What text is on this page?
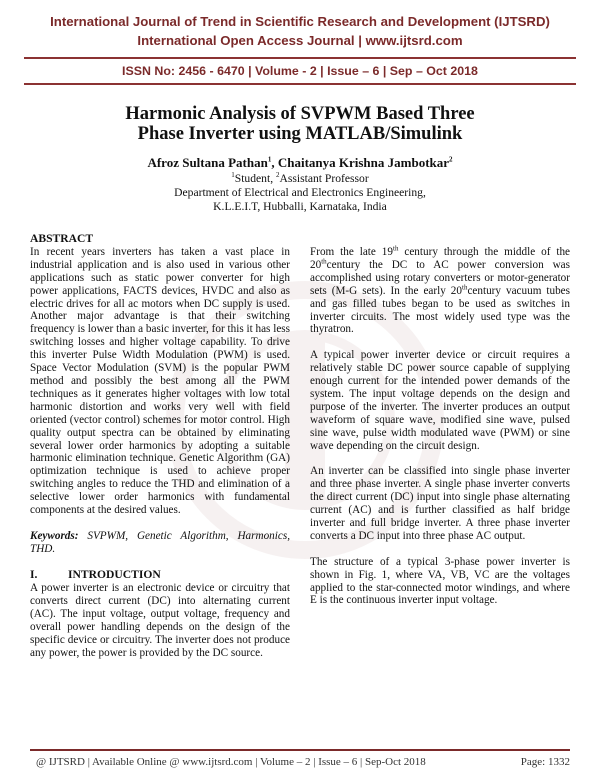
International Journal of Trend in Scientific Research and Development (IJTSRD)
International Open Access Journal | www.ijtsrd.com
ISSN No: 2456 - 6470 | Volume - 2 | Issue – 6 | Sep – Oct 2018
Harmonic Analysis of SVPWM Based Three
Phase Inverter using MATLAB/Simulink
Afroz Sultana Pathan$^1$, Chaitanya Krishna Jambotkar$^2$
$^1$Student, $^2$Assistant Professor
Department of Electrical and Electronics Engineering,
K.L.E.I.T, Hubballi, Karnataka, India
ABSTRACT

In recent years inverters has taken a vast place in industrial application and is also used in various other applications such as static power converter for high power applications, FACTS devices, HVDC and also as electric drives for all ac motors when DC supply is used. Another major advantage is that their switching frequency is lower than a basic inverter, for this it has less switching losses and higher voltage capability. To drive this inverter Pulse Width Modulation (PWM) is used. Space Vector Modulation (SVM) is the popular PWM method and possibly the best among all the PWM techniques as it generates higher voltages with low total harmonic distortion and works very well with field oriented (vector control) schemes for motor control. High quality output spectra can be obtained by eliminating several lower order harmonics by adopting a suitable harmonic elimination technique. Genetic Algorithm (GA) optimization technique is used to achieve proper switching angles to reduce the THD and elimination of a selective lower order harmonics with fundamental components at the desired values.

Keywords: SVPWM, Genetic Algorithm, Harmonics, THD.

I.	INTRODUCTION

A power inverter is an electronic device or circuitry that converts direct current (DC) into alternating current (AC). The input voltage, output voltage, frequency and overall power handling depends on the design of the specific device or circuitry. The inverter does not produce any power, the power is provided by the DC source.

From the late 19th century through the middle of the 20thcentury the DC to AC power conversion was accomplished using rotary converters or motor-generator sets (M-G sets). In the early 20thcentury vacuum tubes and gas filled tubes began to be used as switches in inverter circuits. The most widely used type was the thyratron.

A typical power inverter device or circuit requires a relatively stable DC power source capable of supplying enough current for the intended power demands of the system. The input voltage depends on the design and purpose of the inverter. The inverter produces an output waveform of square wave, modified sine wave, pulsed sine wave, pulse width modulated wave (PWM) or sine wave depending on the circuit design.

An inverter can be classified into single phase inverter and three phase inverter. A single phase inverter converts the direct current (DC) input into single phase alternating current (AC) and is further classified as half bridge inverter and full bridge inverter. A three phase inverter converts a DC input into three phase AC output.

The structure of a typical 3-phase power inverter is shown in Fig. 1, where VA, VB, VC are the voltages applied to the star-connected motor windings, and where E is the continuous inverter input voltage.

@ IJTSRD | Available Online @ www.ijtsrd.com | Volume – 2 | Issue – 6 | Sep-Oct 2018	Page: 1332
